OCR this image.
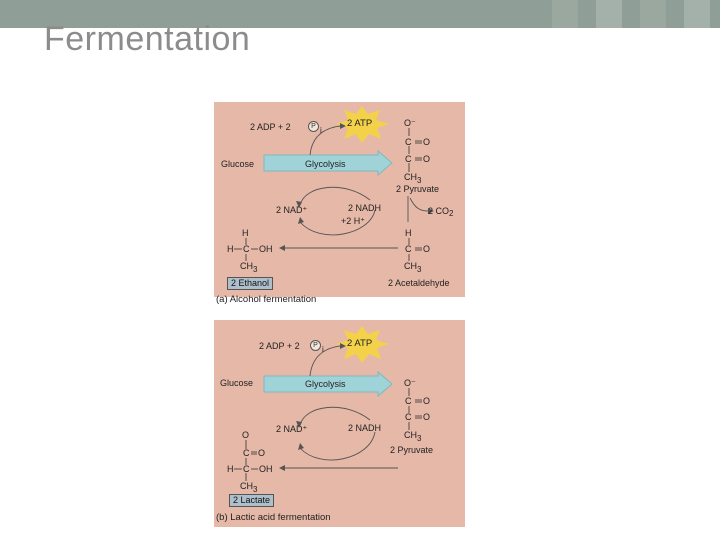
Fermentation
2 ADP + 2	P i
2 ATP
Glucose	Glycolysis
O⁻
C O
C O
CH3
2 Pyruvate
2 NAD⁺	2 NADH
+2 H⁺
2 CO2
H
C O
CH3
2 Acetaldehyde
H
H C OH
CH3
2 Ethanol
(a) Alcohol fermentation
2 ADP + 2	P i
2 ATP
Glucose	Glycolysis	O⁻
C O
C O
CH3
2 Pyruvate
2 NAD⁺	2 NADH
O
C O
H C OH
CH3
2 Lactate
(b) Lactic acid fermentation
